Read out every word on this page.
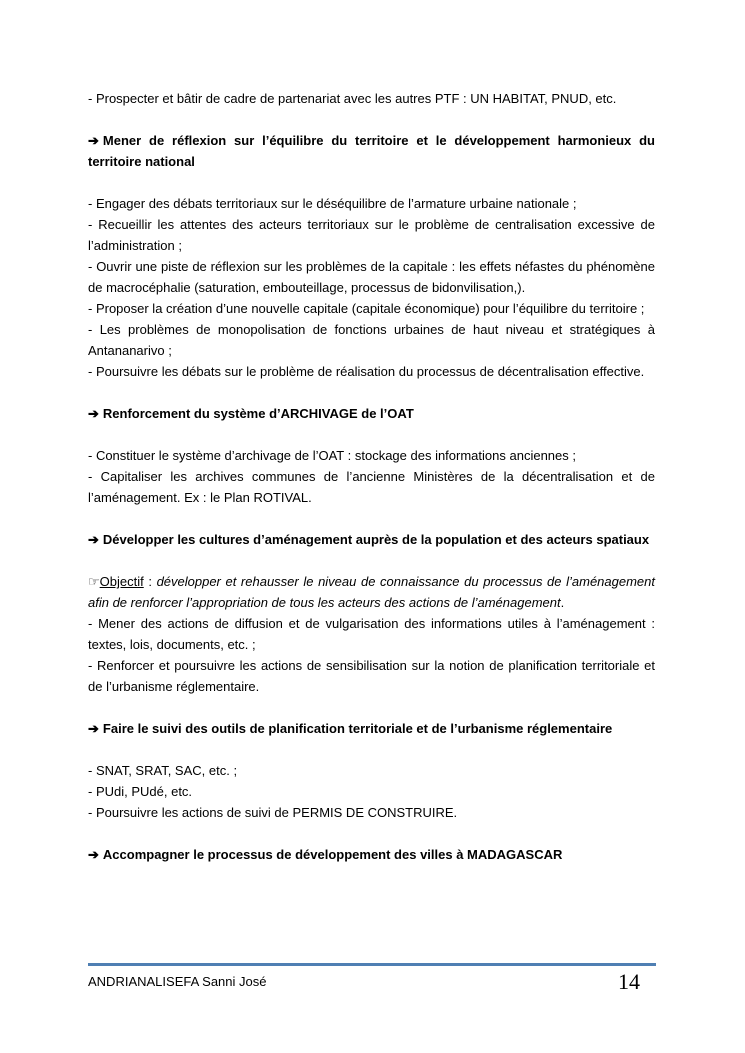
- Prospecter et bâtir de cadre de partenariat avec les autres PTF : UN HABITAT, PNUD, etc.

➔ Mener de réflexion sur l’équilibre du territoire et le développement harmonieux du territoire national

- Engager des débats territoriaux sur le déséquilibre de l’armature urbaine nationale ;

- Recueillir les attentes des acteurs territoriaux sur le problème de centralisation excessive de l’administration ;

- Ouvrir une piste de réflexion sur les problèmes de la capitale : les effets néfastes du phénomène de macrocéphalie (saturation, embouteillage, processus de bidonvilisation,).

- Proposer la création d’une nouvelle capitale (capitale économique) pour l’équilibre du territoire ;

- Les problèmes de monopolisation de fonctions urbaines de haut niveau et stratégiques à Antananarivo ;

- Poursuivre les débats sur le problème de réalisation du processus de décentralisation effective.

➔ Renforcement du système d’ARCHIVAGE de l’OAT

- Constituer le système d’archivage de l’OAT : stockage des informations anciennes ;

- Capitaliser les archives communes de l’ancienne Ministères de la décentralisation et de l’aménagement. Ex : le Plan ROTIVAL.

➔ Développer les cultures d’aménagement auprès de la population et des acteurs spatiaux

☞Objectif : développer et rehausser le niveau de connaissance du processus de l’aménagement afin de renforcer l’appropriation de tous les acteurs des actions de l’aménagement.

- Mener des actions de diffusion et de vulgarisation des informations utiles à l’aménagement : textes, lois, documents, etc. ;

- Renforcer et poursuivre les actions de sensibilisation sur la notion de planification territoriale et de l’urbanisme réglementaire.

➔ Faire le suivi des outils de planification territoriale et de l’urbanisme réglementaire

- SNAT, SRAT, SAC, etc. ;

- PUdi, PUdé, etc.

- Poursuivre les actions de suivi de PERMIS DE CONSTRUIRE.

➔ Accompagner le processus de développement des villes à MADAGASCAR

ANDRIANALISEFA Sanni José	14
